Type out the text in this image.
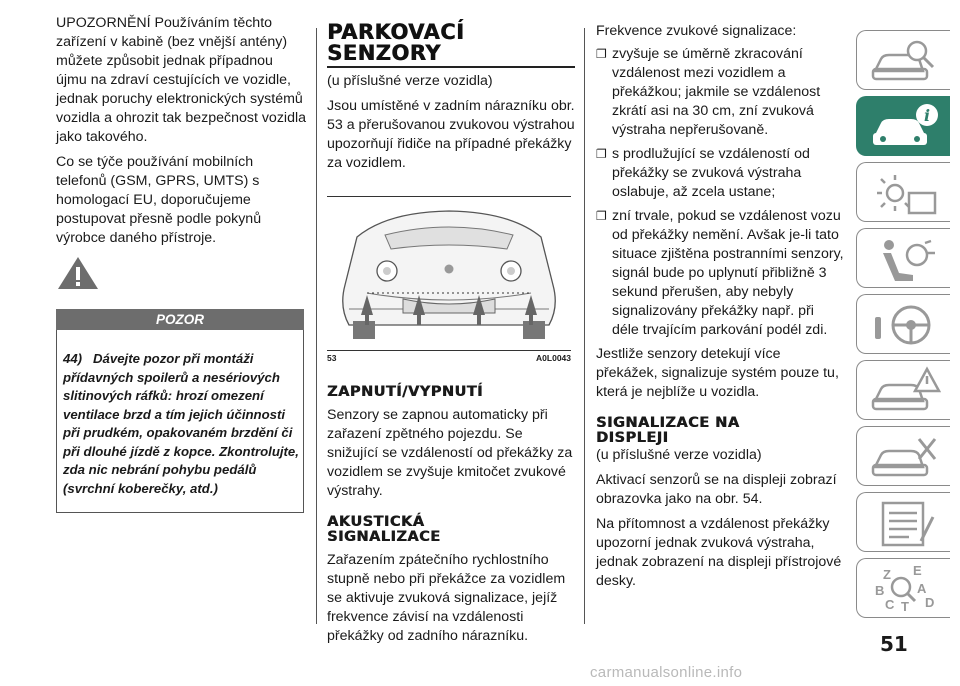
UPOZORNĚNÍ Používáním těchto zařízení v kabině (bez vnější antény) můžete způsobit jednak případnou újmu na zdraví cestujících ve vozidle, jednak poruchy elektronických systémů vozidla a ohrozit tak bezpečnost vozidla jako takového.

Co se týče používání mobilních telefonů (GSM, GPRS, UMTS) s homologací EU, doporučujeme postupovat přesně podle pokynů výrobce daného přístroje.

POZOR
44) Dávejte pozor při montáži přídavných spoilerů a nesériových slitinových ráfků: hrozí omezení ventilace brzd a tím jejich účinnosti při prudkém, opakovaném brzdění či při dlouhé jízdě z kopce. Zkontrolujte, zda nic nebrání pohybu pedálů (svrchní koberečky, atd.)
PARKOVACÍ
SENZORY

(u příslušné verze vozidla)

Jsou umístěné v zadním nárazníku obr. 53 a přerušovanou zvukovou výstrahou upozorňují řidiče na případné překážky za vozidlem.

53	A0L0043
ZAPNUTÍ/VYPNUTÍ

Senzory se zapnou automaticky při zařazení zpětného pojezdu. Se snižující se vzdáleností od překážky za vozidlem se zvyšuje kmitočet zvukové výstrahy.

AKUSTICKÁ
SIGNALIZACE

Zařazením zpátečního rychlostního stupně nebo při překážce za vozidlem se aktivuje zvuková signalizace, jejíž frekvence závisí na vzdálenosti překážky od zadního nárazníku.

Frekvence zvukové signalizace:

❐ zvyšuje se úměrně zkracování vzdálenost mezi vozidlem a překážkou; jakmile se vzdálenost zkrátí asi na 30 cm, zní zvuková výstraha nepřerušovaně.
❐ s prodlužující se vzdáleností od překážky se zvuková výstraha oslabuje, až zcela ustane;
❐ zní trvale, pokud se vzdálenost vozu od překážky nemění. Avšak je-li tato situace zjištěna postranními senzory, signál bude po uplynutí přibližně 3 sekund přerušen, aby nebyly signalizovány překážky např. při déle trvajícím parkování podél zdi.

Jestliže senzory detekují více překážek, signalizuje systém pouze tu, která je nejblíže u vozidla.

SIGNALIZACE NA
DISPLEJI

(u příslušné verze vozidla)

Aktivací senzorů se na displeji zobrazí obrazovka jako na obr. 54.

Na přítomnost a vzdálenost překážky upozorní jednak zvuková výstraha, jednak zobrazení na displeji přístrojové desky.

i
Z E
B	A
D
C T
51
carmanualsonline.info
